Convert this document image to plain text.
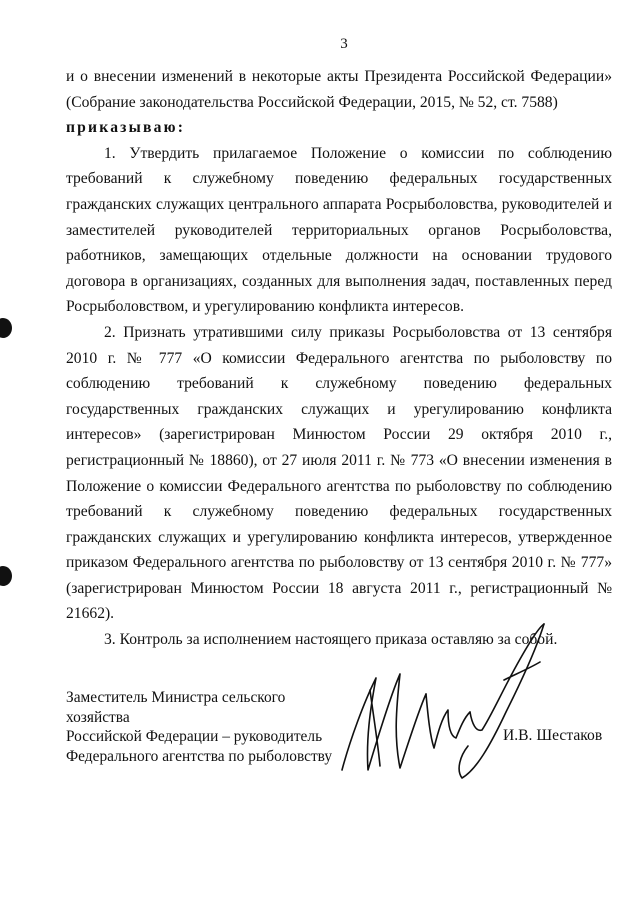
3

и о внесении изменений в некоторые акты Президента Российской Федерации» (Собрание законодательства Российской Федерации, 2015, № 52, ст. 7588)

приказываю:

1. Утвердить прилагаемое Положение о комиссии по соблюдению требований к служебному поведению федеральных государственных гражданских служащих центрального аппарата Росрыболовства, руководителей и заместителей руководителей территориальных органов Росрыболовства, работников, замещающих отдельные должности на основании трудового договора в организациях, созданных для выполнения задач, поставленных перед Росрыболовством, и урегулированию конфликта интересов.

2. Признать утратившими силу приказы Росрыболовства от 13 сентября 2010 г. № 777 «О комиссии Федерального агентства по рыболовству по соблюдению требований к служебному поведению федеральных государственных гражданских служащих и урегулированию конфликта интересов» (зарегистрирован Минюстом России 29 октября 2010 г., регистрационный № 18860), от 27 июля 2011 г. № 773 «О внесении изменения в Положение о комиссии Федерального агентства по рыболовству по соблюдению требований к служебному поведению федеральных государственных гражданских служащих и урегулированию конфликта интересов, утвержденное приказом Федерального агентства по рыболовству от 13 сентября 2010 г. № 777» (зарегистрирован Минюстом России 18 августа 2011 г., регистрационный № 21662).

3. Контроль за исполнением настоящего приказа оставляю за собой.

Заместитель Министра сельского хозяйства
Российской Федерации – руководитель
Федерального агентства по рыболовству
И.В. Шестаков
